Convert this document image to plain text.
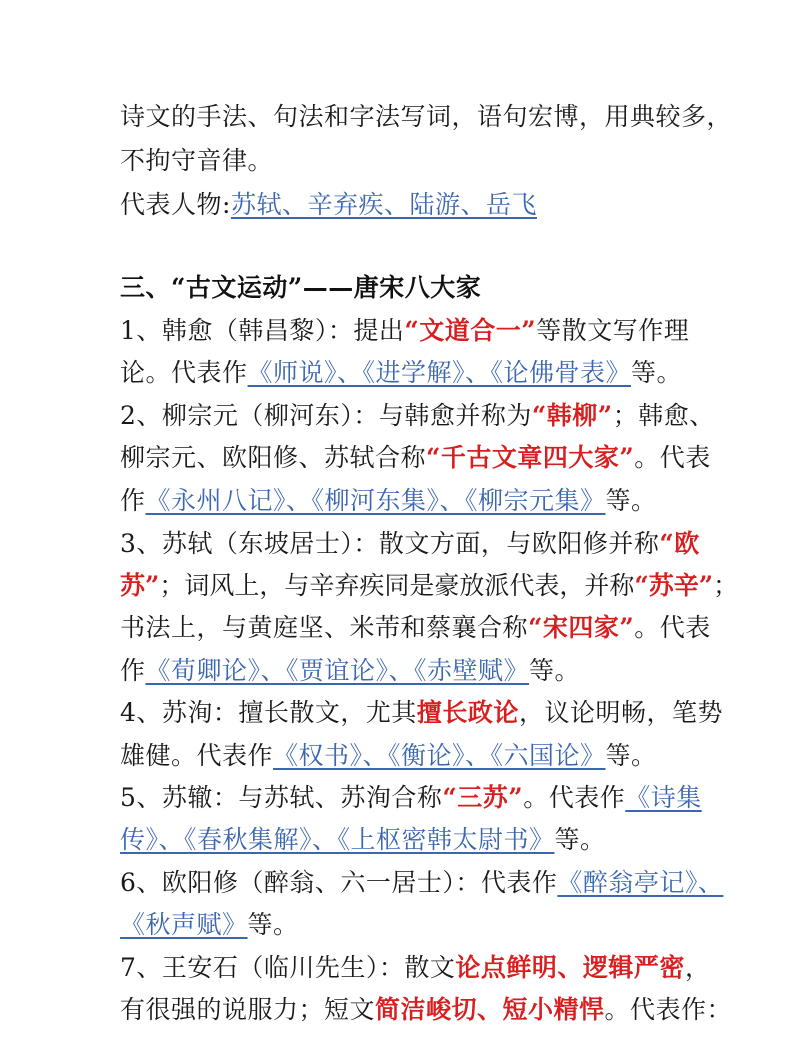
诗文的手法、句法和字法写词，语句宏博，用典较多，
不拘守音律。
代表人物:苏轼、辛弃疾、陆游、岳飞
三、“古文运动”——唐宋八大家
1、韩愈（韩昌黎）：提出“文道合一”等散文写作理
论。代表作《师说》、《进学解》、《论佛骨表》等。
2、柳宗元（柳河东）：与韩愈并称为“韩柳”；韩愈、
柳宗元、欧阳修、苏轼合称“千古文章四大家”。代表
作《永州八记》、《柳河东集》、《柳宗元集》等。
3、苏轼（东坡居士）：散文方面，与欧阳修并称“欧
苏”；词风上，与辛弃疾同是豪放派代表，并称“苏辛”；
书法上，与黄庭坚、米芾和蔡襄合称“宋四家”。代表
作《荀卿论》、《贾谊论》、《赤壁赋》等。
4、苏洵：擅长散文，尤其擅长政论，议论明畅，笔势
雄健。代表作《权书》、《衡论》、《六国论》等。
5、苏辙：与苏轼、苏洵合称“三苏”。代表作《诗集
传》、《春秋集解》、《上枢密韩太尉书》等。
6、欧阳修（醉翁、六一居士）：代表作《醉翁亭记》、
《秋声赋》等。
7、王安石（临川先生）：散文论点鲜明、逻辑严密，
有很强的说服力；短文简洁峻切、短小精悍。代表作：
